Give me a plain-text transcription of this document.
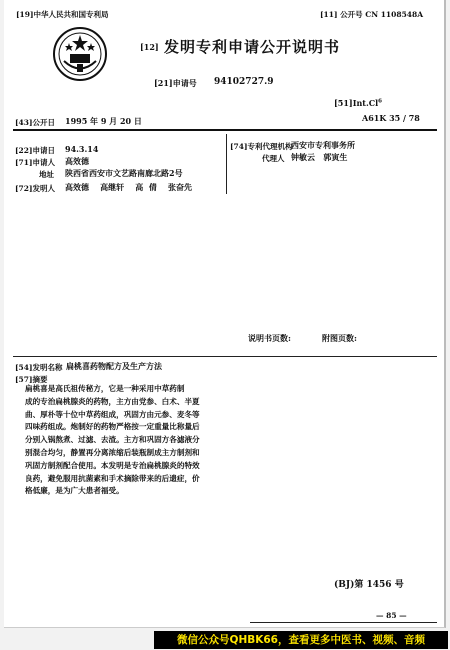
[19]中华人民共和国专利局	[11] 公开号 CN 1108548A
[12] 发明专利申请公开说明书
[21]申请号 94102727.9
[51]Int.Cl$^6$
A61K 35 / 78
[43]公开日 1995 年 9 月 20 日
[22]申请日 94.3.14
[71]申请人 高效德
地址 陕西省西安市文艺路南廊北路2号
[72]发明人 高效德    高继轩    高  倩    张奋先
[74]专利代理机构
西安市专利事务所
代理人 钟敏云   郭寅生
说明书页数:	附图页数:
[54]发明名称 扁桃喜药物配方及生产方法
[57]摘要
扁桃喜是高氏祖传秘方，它是一种采用中草药制
成的专治扁桃腺炎的药物，主方由党参、白术、半夏
曲、厚朴等十位中草药组成，巩固方由元参、麦冬等
四味药组成。炮制好的药物严格按一定重量比称量后
分别入锅熬煮、过滤、去渣。主方和巩固方各滤液分
别混合均匀，静置再分离浓缩后装瓶制成主方制剂和
巩固方制剂配合使用。本发明是专治扁桃腺炎的特效
良药，避免服用抗菌素和手术摘除带来的后遗症，价
格低廉，是为广大患者福受。
(BJ)第 1456 号
— 85 —
微信公众号QHBK66，查看更多中医书、视频、音频
